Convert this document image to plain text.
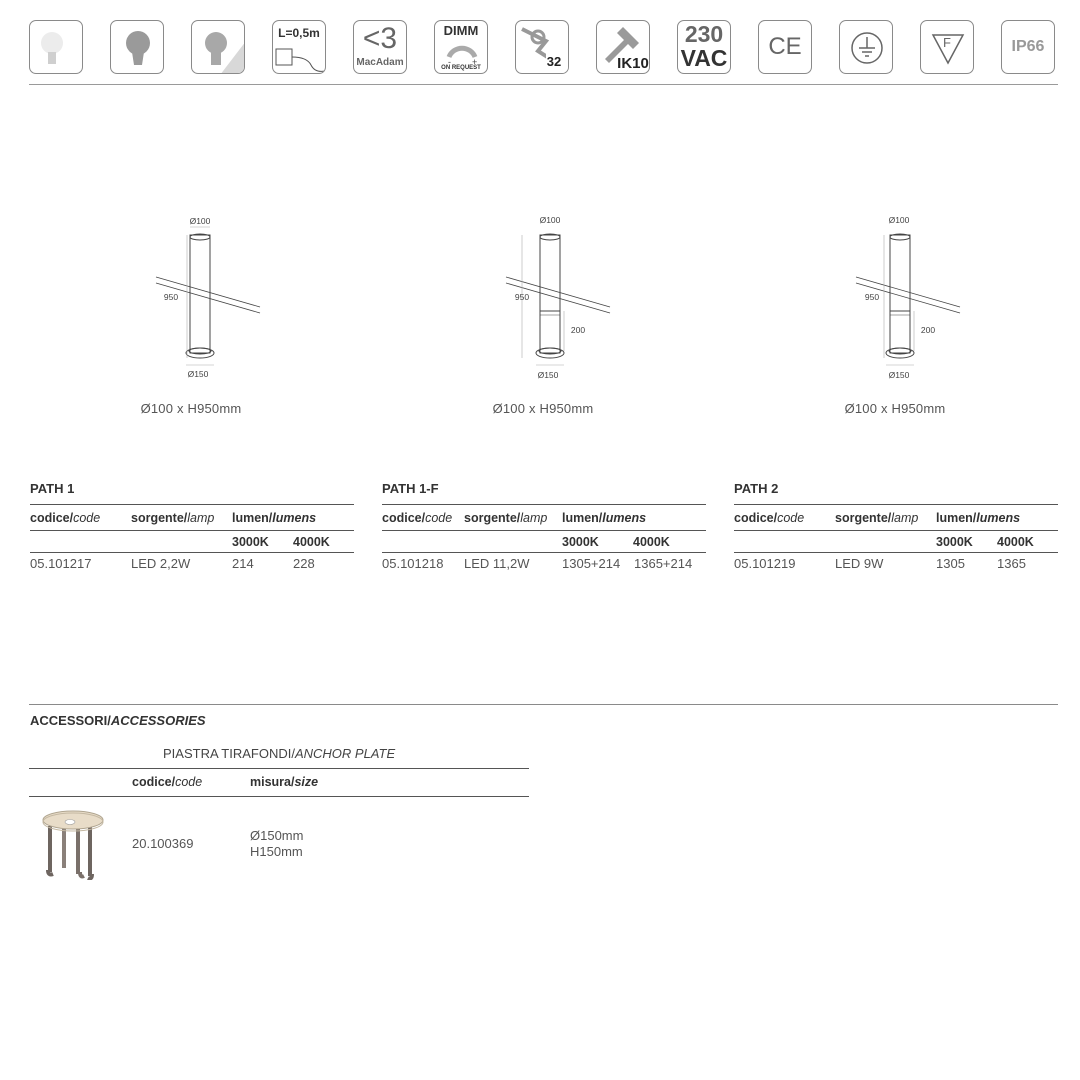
L=0,5m <3
MacAdam
DIMM
- +
ON REQUEST	32	IK10
230
VAC	CE	F	IP66
Ø100
950
Ø150
Ø100 x H950mm
Ø100
950
200
Ø150
Ø100 x H950mm
Ø100
950
200
Ø150
Ø100 x H950mm
PATH 1
codice/code sorgente/lamp lumen/lumens
3000K 4000K
05.101217	LED 2,2W	214	228
PATH 1-F
codice/code sorgente/lamp lumen/lumens
3000K	4000K
05.101218 LED 11,2W 1305+214 1365+214
PATH 2
codice/code sorgente/lamp lumen/lumens
3000K 4000K
05.101219	LED 9W	1305 1365
ACCESSORI/ACCESSORIES
PIASTRA TIRAFONDI/ANCHOR PLATE
codice/code	misura/size
20.100369
Ø150mm
H150mm
